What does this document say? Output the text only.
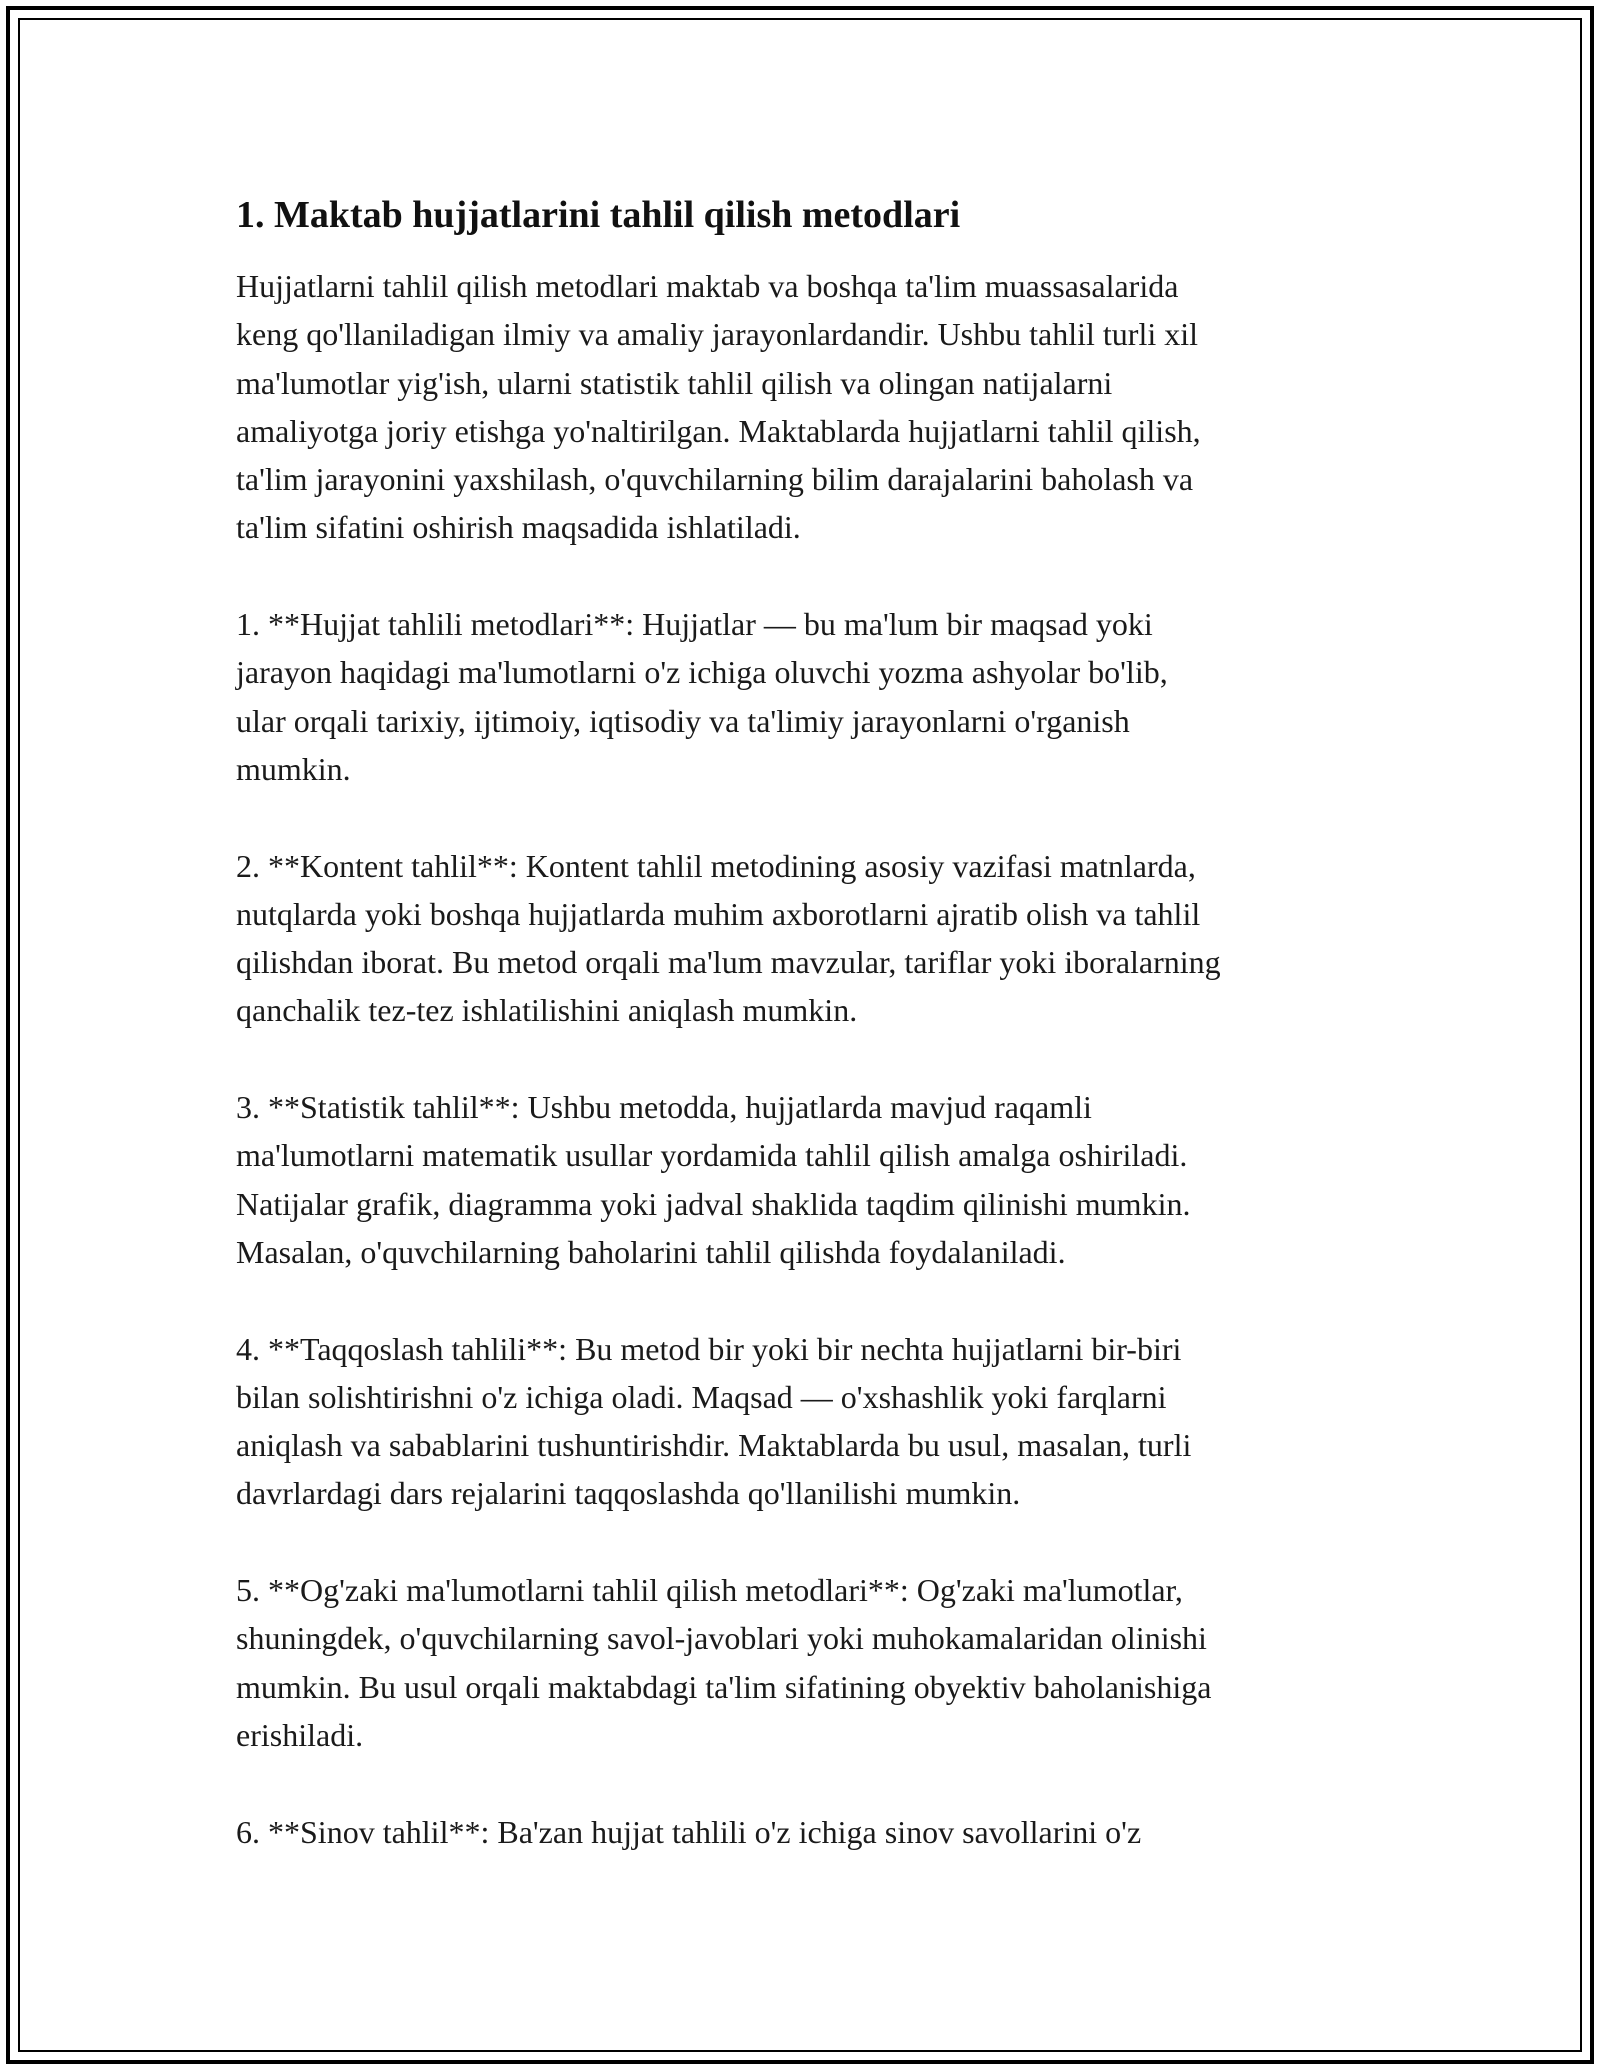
1. Maktab hujjatlarini tahlil qilish metodlari

Hujjatlarni tahlil qilish metodlari maktab va boshqa ta'lim muassasalarida
keng qo'llaniladigan ilmiy va amaliy jarayonlardandir. Ushbu tahlil turli xil
ma'lumotlar yig'ish, ularni statistik tahlil qilish va olingan natijalarni
amaliyotga joriy etishga yo'naltirilgan. Maktablarda hujjatlarni tahlil qilish,
ta'lim jarayonini yaxshilash, o'quvchilarning bilim darajalarini baholash va
ta'lim sifatini oshirish maqsadida ishlatiladi.

1. **Hujjat tahlili metodlari**: Hujjatlar — bu ma'lum bir maqsad yoki
jarayon haqidagi ma'lumotlarni o'z ichiga oluvchi yozma ashyolar bo'lib,
ular orqali tarixiy, ijtimoiy, iqtisodiy va ta'limiy jarayonlarni o'rganish
mumkin.

2. **Kontent tahlil**: Kontent tahlil metodining asosiy vazifasi matnlarda,
nutqlarda yoki boshqa hujjatlarda muhim axborotlarni ajratib olish va tahlil
qilishdan iborat. Bu metod orqali ma'lum mavzular, tariflar yoki iboralarning
qanchalik tez-tez ishlatilishini aniqlash mumkin.

3. **Statistik tahlil**: Ushbu metodda, hujjatlarda mavjud raqamli
ma'lumotlarni matematik usullar yordamida tahlil qilish amalga oshiriladi.
Natijalar grafik, diagramma yoki jadval shaklida taqdim qilinishi mumkin.
Masalan, o'quvchilarning baholarini tahlil qilishda foydalaniladi.

4. **Taqqoslash tahlili**: Bu metod bir yoki bir nechta hujjatlarni bir-biri
bilan solishtirishni o'z ichiga oladi. Maqsad — o'xshashlik yoki farqlarni
aniqlash va sabablarini tushuntirishdir. Maktablarda bu usul, masalan, turli
davrlardagi dars rejalarini taqqoslashda qo'llanilishi mumkin.

5. **Og'zaki ma'lumotlarni tahlil qilish metodlari**: Og'zaki ma'lumotlar,
shuningdek, o'quvchilarning savol-javoblari yoki muhokamalaridan olinishi
mumkin. Bu usul orqali maktabdagi ta'lim sifatining obyektiv baholanishiga
erishiladi.

6. **Sinov tahlil**: Ba'zan hujjat tahlili o'z ichiga sinov savollarini o'z
